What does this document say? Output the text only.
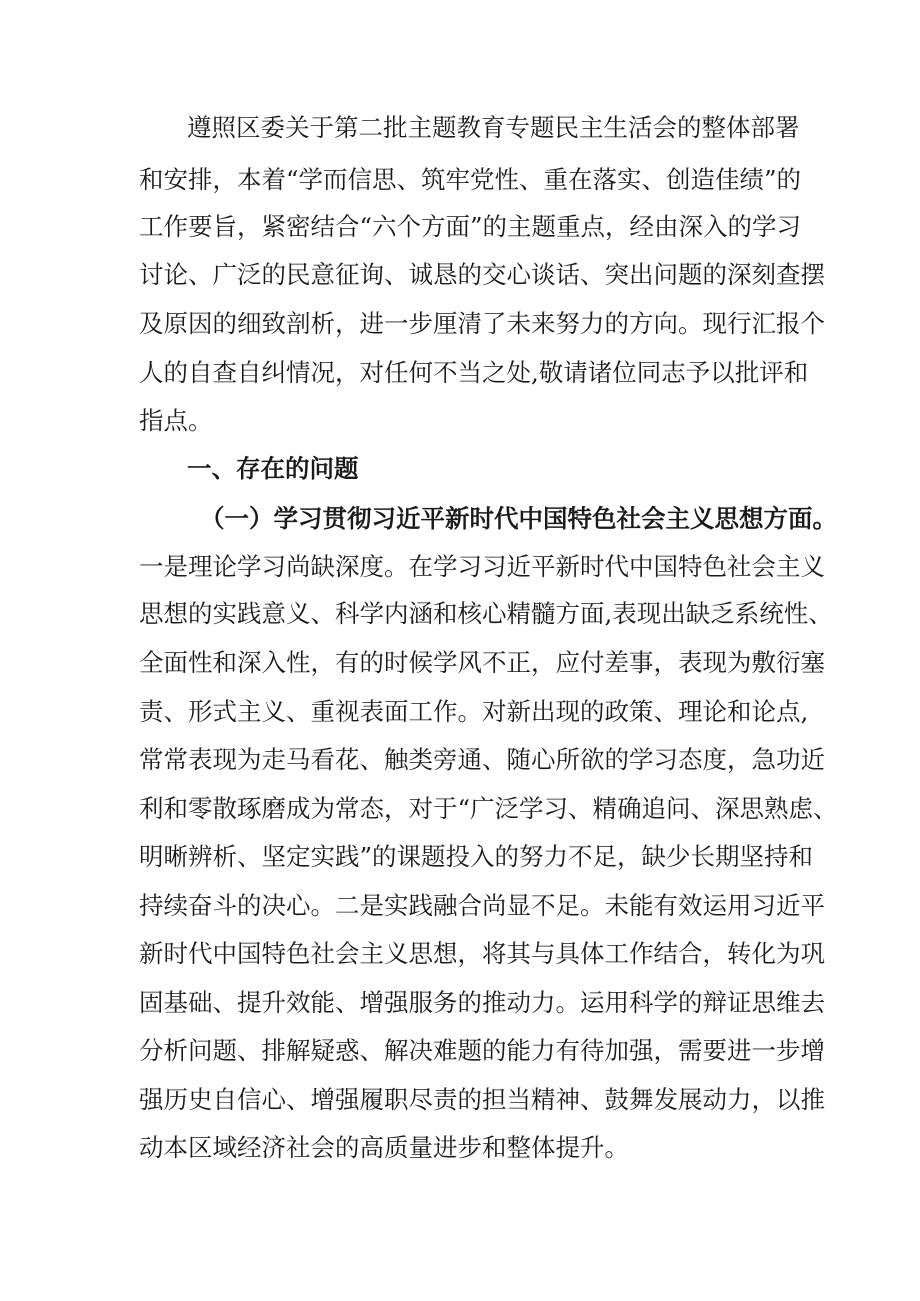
遵照区委关于第二批主题教育专题民主生活会的整体部署
和安排，本着“学而信思、筑牢党性、重在落实、创造佳绩”的
工作要旨，紧密结合“六个方面”的主题重点，经由深入的学习
讨论、广泛的民意征询、诚恳的交心谈话、突出问题的深刻查摆
及原因的细致剖析，进一步厘清了未来努力的方向。现行汇报个
人的自查自纠情况，对任何不当之处,敬请诸位同志予以批评和
指点。
一、存在的问题
（一）学习贯彻习近平新时代中国特色社会主义思想方面。
一是理论学习尚缺深度。在学习习近平新时代中国特色社会主义
思想的实践意义、科学内涵和核心精髓方面,表现出缺乏系统性、
全面性和深入性，有的时候学风不正，应付差事，表现为敷衍塞
责、形式主义、重视表面工作。对新出现的政策、理论和论点,
常常表现为走马看花、触类旁通、随心所欲的学习态度，急功近
利和零散琢磨成为常态，对于“广泛学习、精确追问、深思熟虑、
明晰辨析、坚定实践”的课题投入的努力不足，缺少长期坚持和
持续奋斗的决心。二是实践融合尚显不足。未能有效运用习近平
新时代中国特色社会主义思想，将其与具体工作结合，转化为巩
固基础、提升效能、增强服务的推动力。运用科学的辩证思维去
分析问题、排解疑惑、解决难题的能力有待加强，需要进一步增
强历史自信心、增强履职尽责的担当精神、鼓舞发展动力，以推
动本区域经济社会的高质量进步和整体提升。
